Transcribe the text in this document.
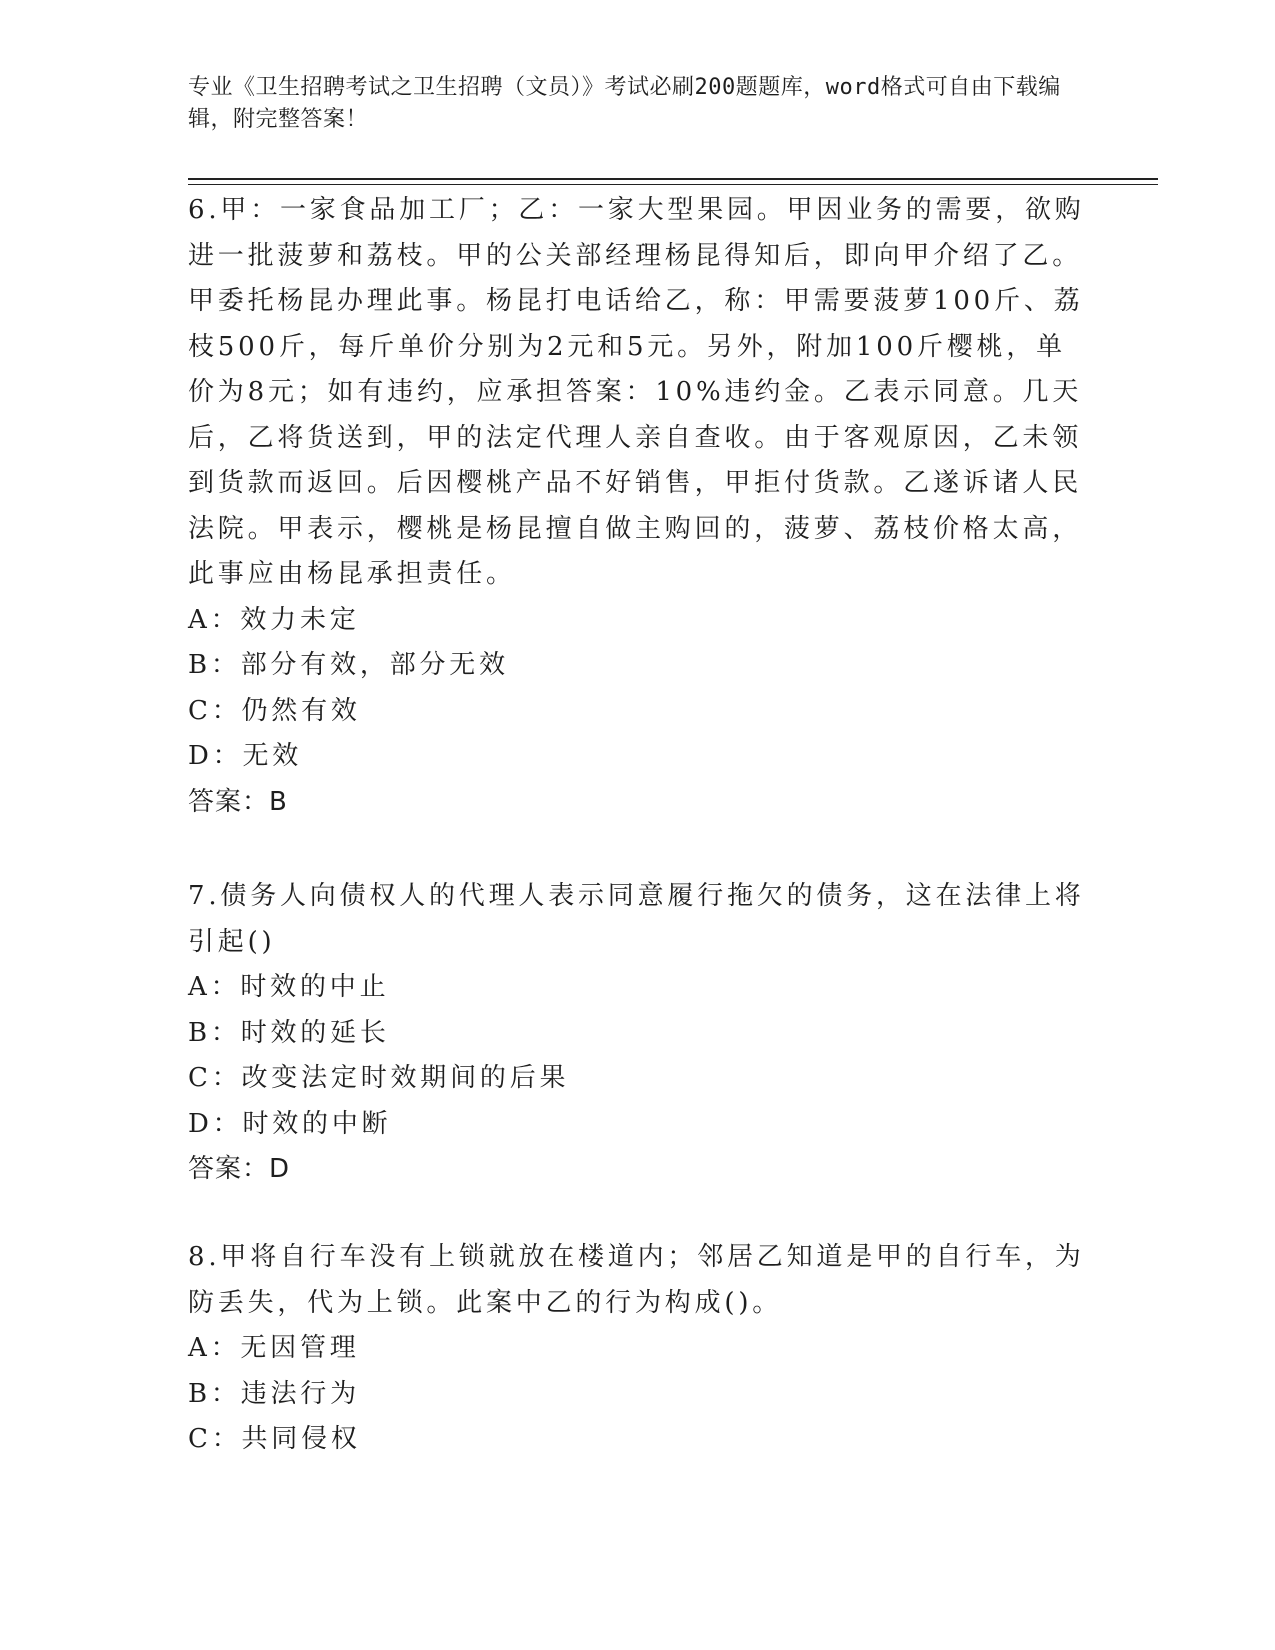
专业《卫生招聘考试之卫生招聘（文员）》考试必刷200题题库，word格式可自由下载编辑，附完整答案！

6.甲：一家食品加工厂；乙：一家大型果园。甲因业务的需要，欲购进一批菠萝和荔枝。甲的公关部经理杨昆得知后，即向甲介绍了乙。甲委托杨昆办理此事。杨昆打电话给乙，称：甲需要菠萝100斤、荔枝500斤，每斤单价分别为2元和5元。另外，附加100斤樱桃，单价为8元；如有违约，应承担答案：10%违约金。乙表示同意。几天后，乙将货送到，甲的法定代理人亲自查收。由于客观原因，乙未领到货款而返回。后因樱桃产品不好销售，甲拒付货款。乙遂诉诸人民法院。甲表示，樱桃是杨昆擅自做主购回的，菠萝、荔枝价格太高，此事应由杨昆承担责任。

A：效力未定

B：部分有效，部分无效

C：仍然有效

D：无效

答案：B

7.债务人向债权人的代理人表示同意履行拖欠的债务，这在法律上将引起()

A：时效的中止

B：时效的延长

C：改变法定时效期间的后果

D：时效的中断

答案：D

8.甲将自行车没有上锁就放在楼道内；邻居乙知道是甲的自行车，为防丢失，代为上锁。此案中乙的行为构成()。

A：无因管理

B：违法行为

C：共同侵权
